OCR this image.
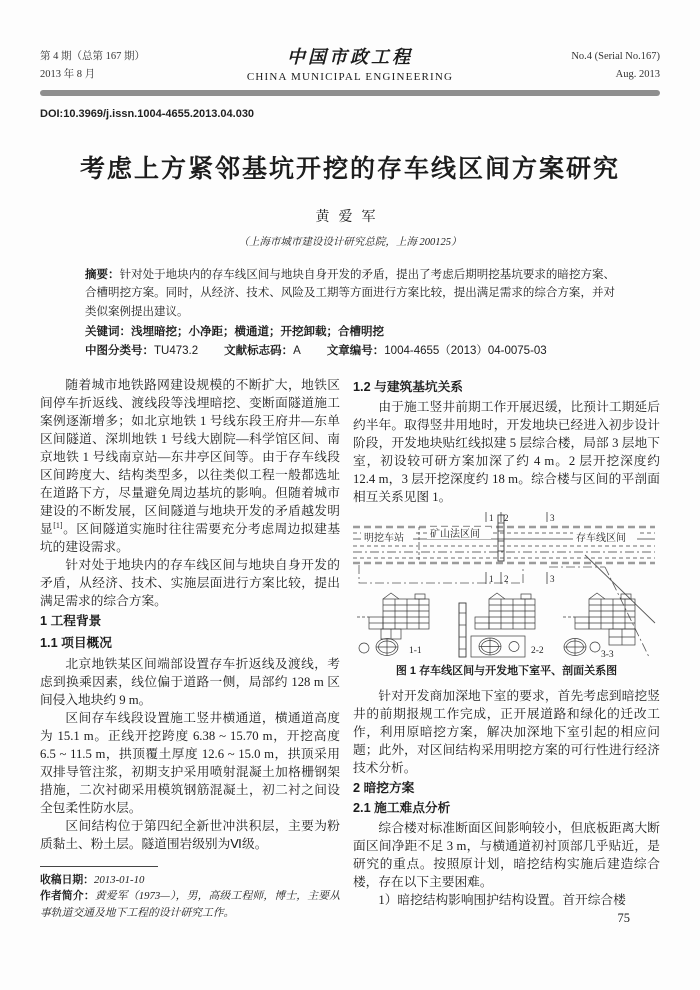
第 4 期（总第 167 期）
2013 年 8 月
中国市政工程
CHINA MUNICIPAL ENGINEERING
No.4 (Serial No.167)
Aug. 2013
DOI:10.3969/j.issn.1004-4655.2013.04.030
考虑上方紧邻基坑开挖的存车线区间方案研究
黄爱军
（上海市城市建设设计研究总院，上海 200125）
摘要：针对处于地块内的存车线区间与地块自身开发的矛盾，提出了考虑后期明挖基坑要求的暗挖方案、合槽明挖方案。同时，从经济、技术、风险及工期等方面进行方案比较，提出满足需求的综合方案，并对类似案例提出建议。
关键词：浅埋暗挖；小净距；横通道；开挖卸载；合槽明挖
中图分类号：TU473.2 文献标志码：A 文章编号：1004-4655（2013）04-0075-03

随着城市地铁路网建设规模的不断扩大，地铁区间停车折返线、渡线段等浅埋暗挖、变断面隧道施工案例逐渐增多；如北京地铁 1 号线东段王府井—东单区间隧道、深圳地铁 1 号线大剧院—科学馆区间、南京地铁 1 号线南京站—东井亭区间等。由于存车线段区间跨度大、结构类型多，以往类似工程一般都选址在道路下方，尽量避免周边基坑的影响。但随着城市建设的不断发展，区间隧道与地块开发的矛盾越发明显[1]。区间隧道实施时往往需要充分考虑周边拟建基坑的建设需求。

针对处于地块内的存车线区间与地块自身开发的矛盾，从经济、技术、实施层面进行方案比较，提出满足需求的综合方案。

1 工程背景
1.1 项目概况

北京地铁某区间端部设置存车折返线及渡线，考虑到换乘因素，线位偏于道路一侧，局部约 128 m 区间侵入地块约 9 m。

区间存车线段设置施工竖井横通道，横通道高度为 15.1 m。正线开挖跨度 6.38 ~ 15.70 m，开挖高度 6.5 ~ 11.5 m，拱顶覆土厚度 12.6 ~ 15.0 m，拱顶采用双排导管注浆，初期支护采用喷射混凝土加格栅钢架措施，二次衬砌采用模筑钢筋混凝土，初二衬之间设全包柔性防水层。

区间结构位于第四纪全新世冲洪积层，主要为粉质黏土、粉土层。隧道围岩级别为Ⅵ级。

收稿日期：2013-01-10
作者简介：黄爱军（1973—），男，高级工程师，博士，主要从事轨道交通及地下工程的设计研究工作。
1.2 与建筑基坑关系

由于施工竖井前期工作开展迟缓，比预计工期延后约半年。取得竖井用地时，开发地块已经进入初步设计阶段，开发地块贴红线拟建 5 层综合楼，局部 3 层地下室，初设较可研方案加深了约 4 m。2 层开挖深度约 12.4 m，3 层开挖深度约 18 m。综合楼与区间的平剖面相互关系见图 1。

明挖车站	矿山法区间	存车线区间
1 2	3
1 2	3
1-1	2-2	3-3
图 1 存车线区间与开发地下室平、剖面关系图

针对开发商加深地下室的要求，首先考虑到暗挖竖井的前期报规工作完成，正开展道路和绿化的迁改工作，利用原暗挖方案，解决加深地下室引起的相应问题；此外，对区间结构采用明挖方案的可行性进行经济技术分析。

2 暗挖方案
2.1 施工难点分析

综合楼对标准断面区间影响较小，但底板距离大断面区间净距不足 3 m，与横通道初衬顶部几乎贴近，是研究的重点。按照原计划，暗挖结构实施后建造综合楼，存在以下主要困难。

1）暗挖结构影响围护结构设置。首开综合楼

75
